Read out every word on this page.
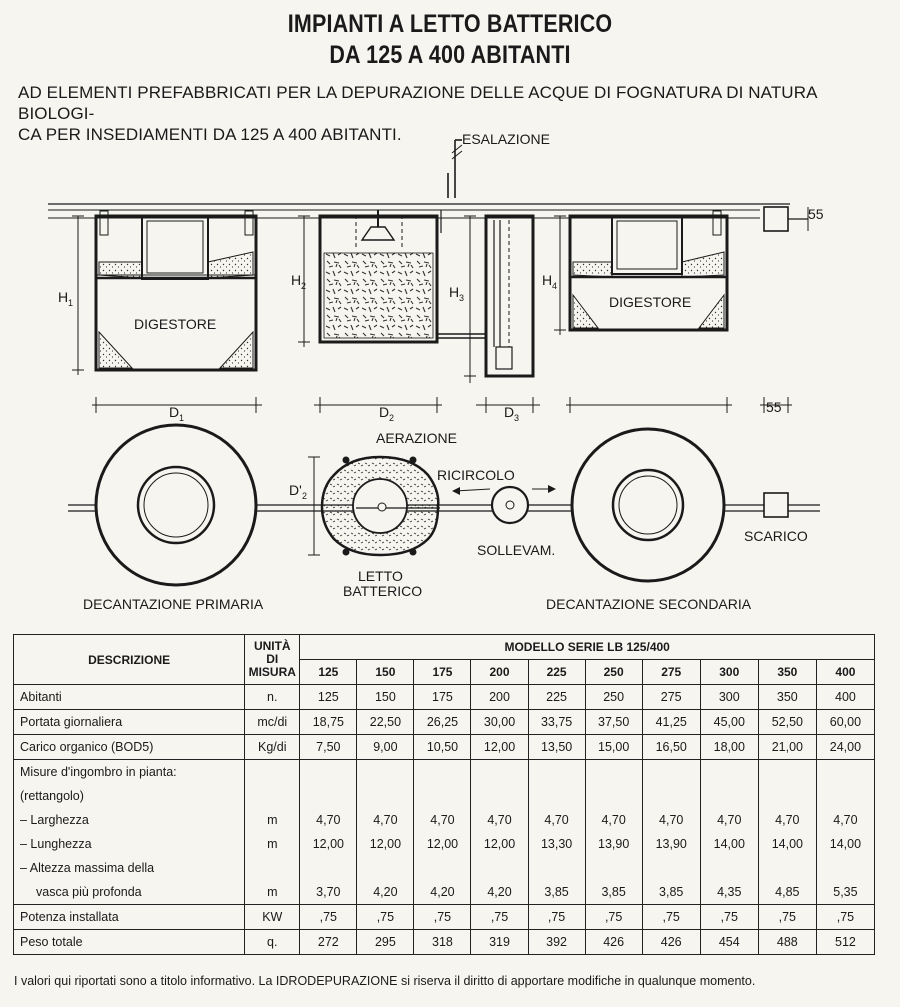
IMPIANTI A LETTO BATTERICO
DA 125 A 400 ABITANTI
AD ELEMENTI PREFABBRICATI PER LA DEPURAZIONE DELLE ACQUE DI FOGNATURA DI NATURA BIOLOGI-
CA PER INSEDIAMENTI DA 125 A 400 ABITANTI.	ESALAZIONE
DIGESTORE
DIGESTORE
H 1
H 2	H 3
H 4
55
D 1	D 2	D 3
55
D' 2
AERAZIONE
RICIRCOLO
SOLLEVAM.
SCARICO
LETTO
BATTERICO
DECANTAZIONE PRIMARIA	DECANTAZIONE SECONDARIA
DESCRIZIONE	UNITÀ
DI
MISURA	MODELLO SERIE LB 125/400									
		125	150	175	200	225	250	275	300	350	400
Abitanti	n.	125	150	175	200	225	250	275	300	350	400
Portata giornaliera	mc/di	18,75	22,50	26,25	30,00	33,75	37,50	41,25	45,00	52,50	60,00
Carico organico (BOD5)	Kg/di	7,50	9,00	10,50	12,00	13,50	15,00	16,50	18,00	21,00	24,00
Misure d'ingombro in pianta:											
(rettangolo)											
– Larghezza	m	4,70	4,70	4,70	4,70	4,70	4,70	4,70	4,70	4,70	4,70
– Lunghezza	m	12,00	12,00	12,00	12,00	13,30	13,90	13,90	14,00	14,00	14,00
– Altezza massima della											
vasca più profonda	m	3,70	4,20	4,20	4,20	3,85	3,85	3,85	4,35	4,85	5,35
Potenza installata	KW	,75	,75	,75	,75	,75	,75	,75	,75	,75	,75
Peso totale	q.	272	295	318	319	392	426	426	454	488	512
I valori qui riportati sono a titolo informativo. La IDRODEPURAZIONE si riserva il diritto di apportare modifiche in qualunque momento.
